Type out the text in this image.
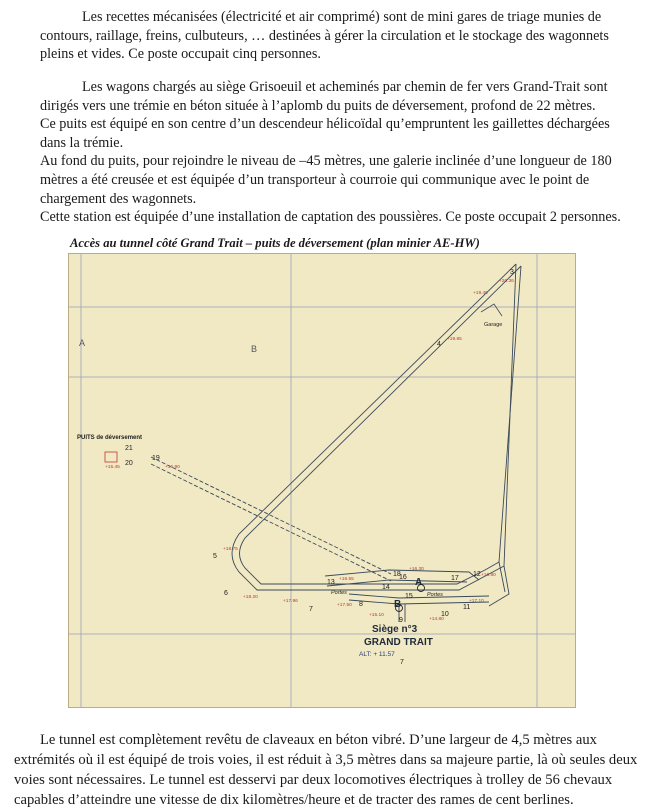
Les recettes mécanisées (électricité et air comprimé) sont de mini gares de triage munies de contours, raillage, freins, culbuteurs, … destinées à gérer la circulation et le stockage des wagonnets pleins et vides. Ce poste occupait cinq personnes.

Les wagons chargés au siège Grisoeuil et acheminés par chemin de fer vers Grand-Trait sont dirigés vers une trémie en béton située à l’aplomb du puits de déversement, profond de 22 mètres.
Ce puits est équipé en son centre d’un descendeur hélicoïdal qu’empruntent les gaillettes déchargées dans la trémie.
Au fond du puits, pour rejoindre le niveau de –45 mètres, une galerie inclinée d’une longueur de 180 mètres a été creusée et est équipée d’un transporteur à courroie qui communique avec le point de chargement des wagonnets.
Cette station est équipée d’une installation de captation des poussières. Ce poste occupait 2 personnes.

Accès au tunnel côté Grand Trait – puits de déversement (plan minier AE-HW)
A
B
Garage
PUITS de déversement
A
B
Siège n°3
GRAND TRAIT
ALT: + 11.57
Portes	Portes
3
4
5
6
7
8
9
10
11
12
13
14
15
16	17
18
19
20
21
7
+20.36
+19.85
+19.40
+18.75
+18.20
+17.96
+17.50
+17.10
+16.80
+16.55
+16.30
+15.90
+15.45
+15.10
+14.80

Le tunnel est complètement revêtu de claveaux en béton vibré. D’une largeur de 4,5 mètres aux extrémités où il est équipé de trois voies, il est réduit à 3,5 mètres dans sa majeure partie, là où seules deux voies sont nécessaires. Le tunnel est desservi par deux locomotives électriques à trolley de 56 chevaux capables d’atteindre une vitesse de dix kilomètres/heure et de tracter des rames de cent berlines.
